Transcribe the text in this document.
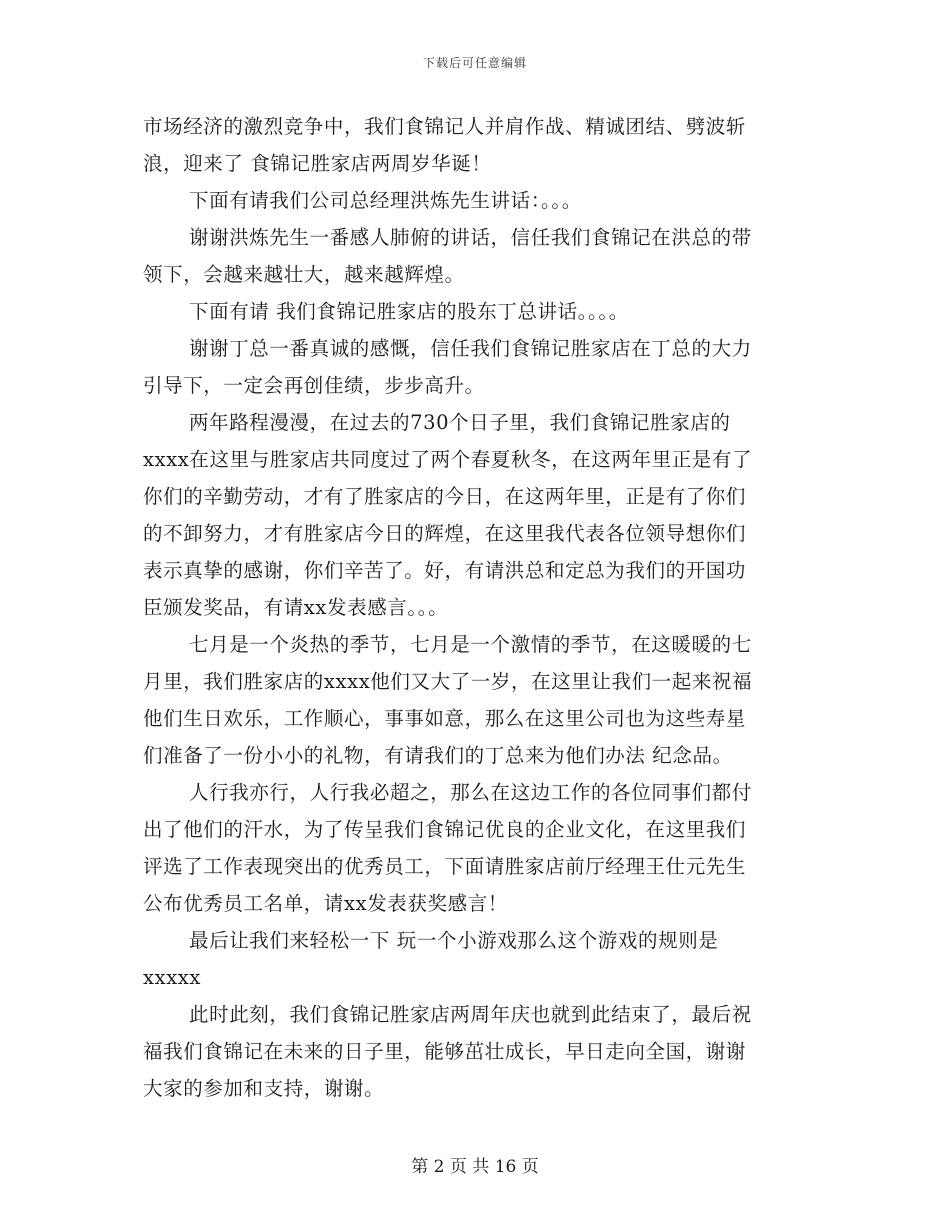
下载后可任意编辑
市场经济的激烈竞争中，我们食锦记人并肩作战、精诚团结、劈波斩
浪，迎来了 食锦记胜家店两周岁华诞！
下面有请我们公司总经理洪炼先生讲话：。。。
谢谢洪炼先生一番感人肺俯的讲话，信任我们食锦记在洪总的带
领下，会越来越壮大，越来越辉煌。
下面有请 我们食锦记胜家店的股东丁总讲话。。。。
谢谢丁总一番真诚的感慨，信任我们食锦记胜家店在丁总的大力
引导下，一定会再创佳绩，步步高升。
两年路程漫漫，在过去的730个日子里，我们食锦记胜家店的
xxxx在这里与胜家店共同度过了两个春夏秋冬，在这两年里正是有了
你们的辛勤劳动，才有了胜家店的今日，在这两年里，正是有了你们
的不卸努力，才有胜家店今日的辉煌，在这里我代表各位领导想你们
表示真挚的感谢，你们辛苦了。好，有请洪总和定总为我们的开国功
臣颁发奖品，有请xx发表感言。。。
七月是一个炎热的季节，七月是一个激情的季节，在这暖暖的七
月里，我们胜家店的xxxx他们又大了一岁，在这里让我们一起来祝福
他们生日欢乐，工作顺心，事事如意，那么在这里公司也为这些寿星
们准备了一份小小的礼物，有请我们的丁总来为他们办法 纪念品。
人行我亦行，人行我必超之，那么在这边工作的各位同事们都付
出了他们的汗水，为了传呈我们食锦记优良的企业文化，在这里我们
评选了工作表现突出的优秀员工，下面请胜家店前厅经理王仕元先生
公布优秀员工名单，请xx发表获奖感言！
最后让我们来轻松一下 玩一个小游戏那么这个游戏的规则是
xxxxx
此时此刻，我们食锦记胜家店两周年庆也就到此结束了，最后祝
福我们食锦记在未来的日子里，能够茁壮成长，早日走向全国，谢谢
大家的参加和支持，谢谢。
第 2 页 共 16 页
